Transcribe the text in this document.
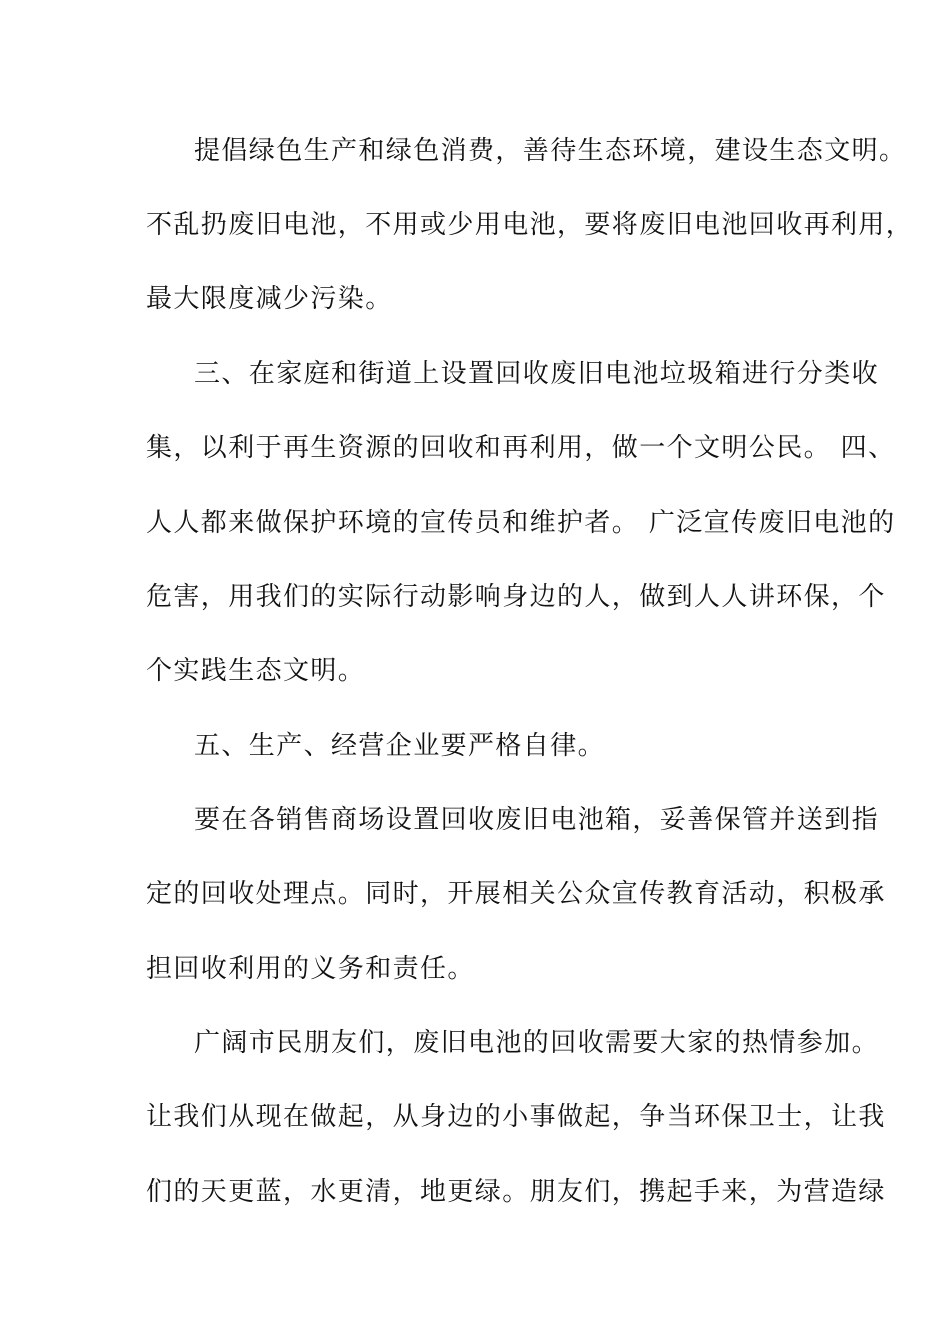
提倡绿色生产和绿色消费，善待生态环境，建设生态文明。
不乱扔废旧电池，不用或少用电池，要将废旧电池回收再利用，
最大限度减少污染。
三、在家庭和街道上设置回收废旧电池垃圾箱进行分类收
集，以利于再生资源的回收和再利用，做一个文明公民。 四、
人人都来做保护环境的宣传员和维护者。 广泛宣传废旧电池的
危害，用我们的实际行动影响身边的人，做到人人讲环保，个
个实践生态文明。
五、生产、经营企业要严格自律。
要在各销售商场设置回收废旧电池箱，妥善保管并送到指
定的回收处理点。同时，开展相关公众宣传教育活动，积极承
担回收利用的义务和责任。
广阔市民朋友们，废旧电池的回收需要大家的热情参加。
让我们从现在做起，从身边的小事做起，争当环保卫士，让我
们的天更蓝，水更清，地更绿。朋友们，携起手来，为营造绿
